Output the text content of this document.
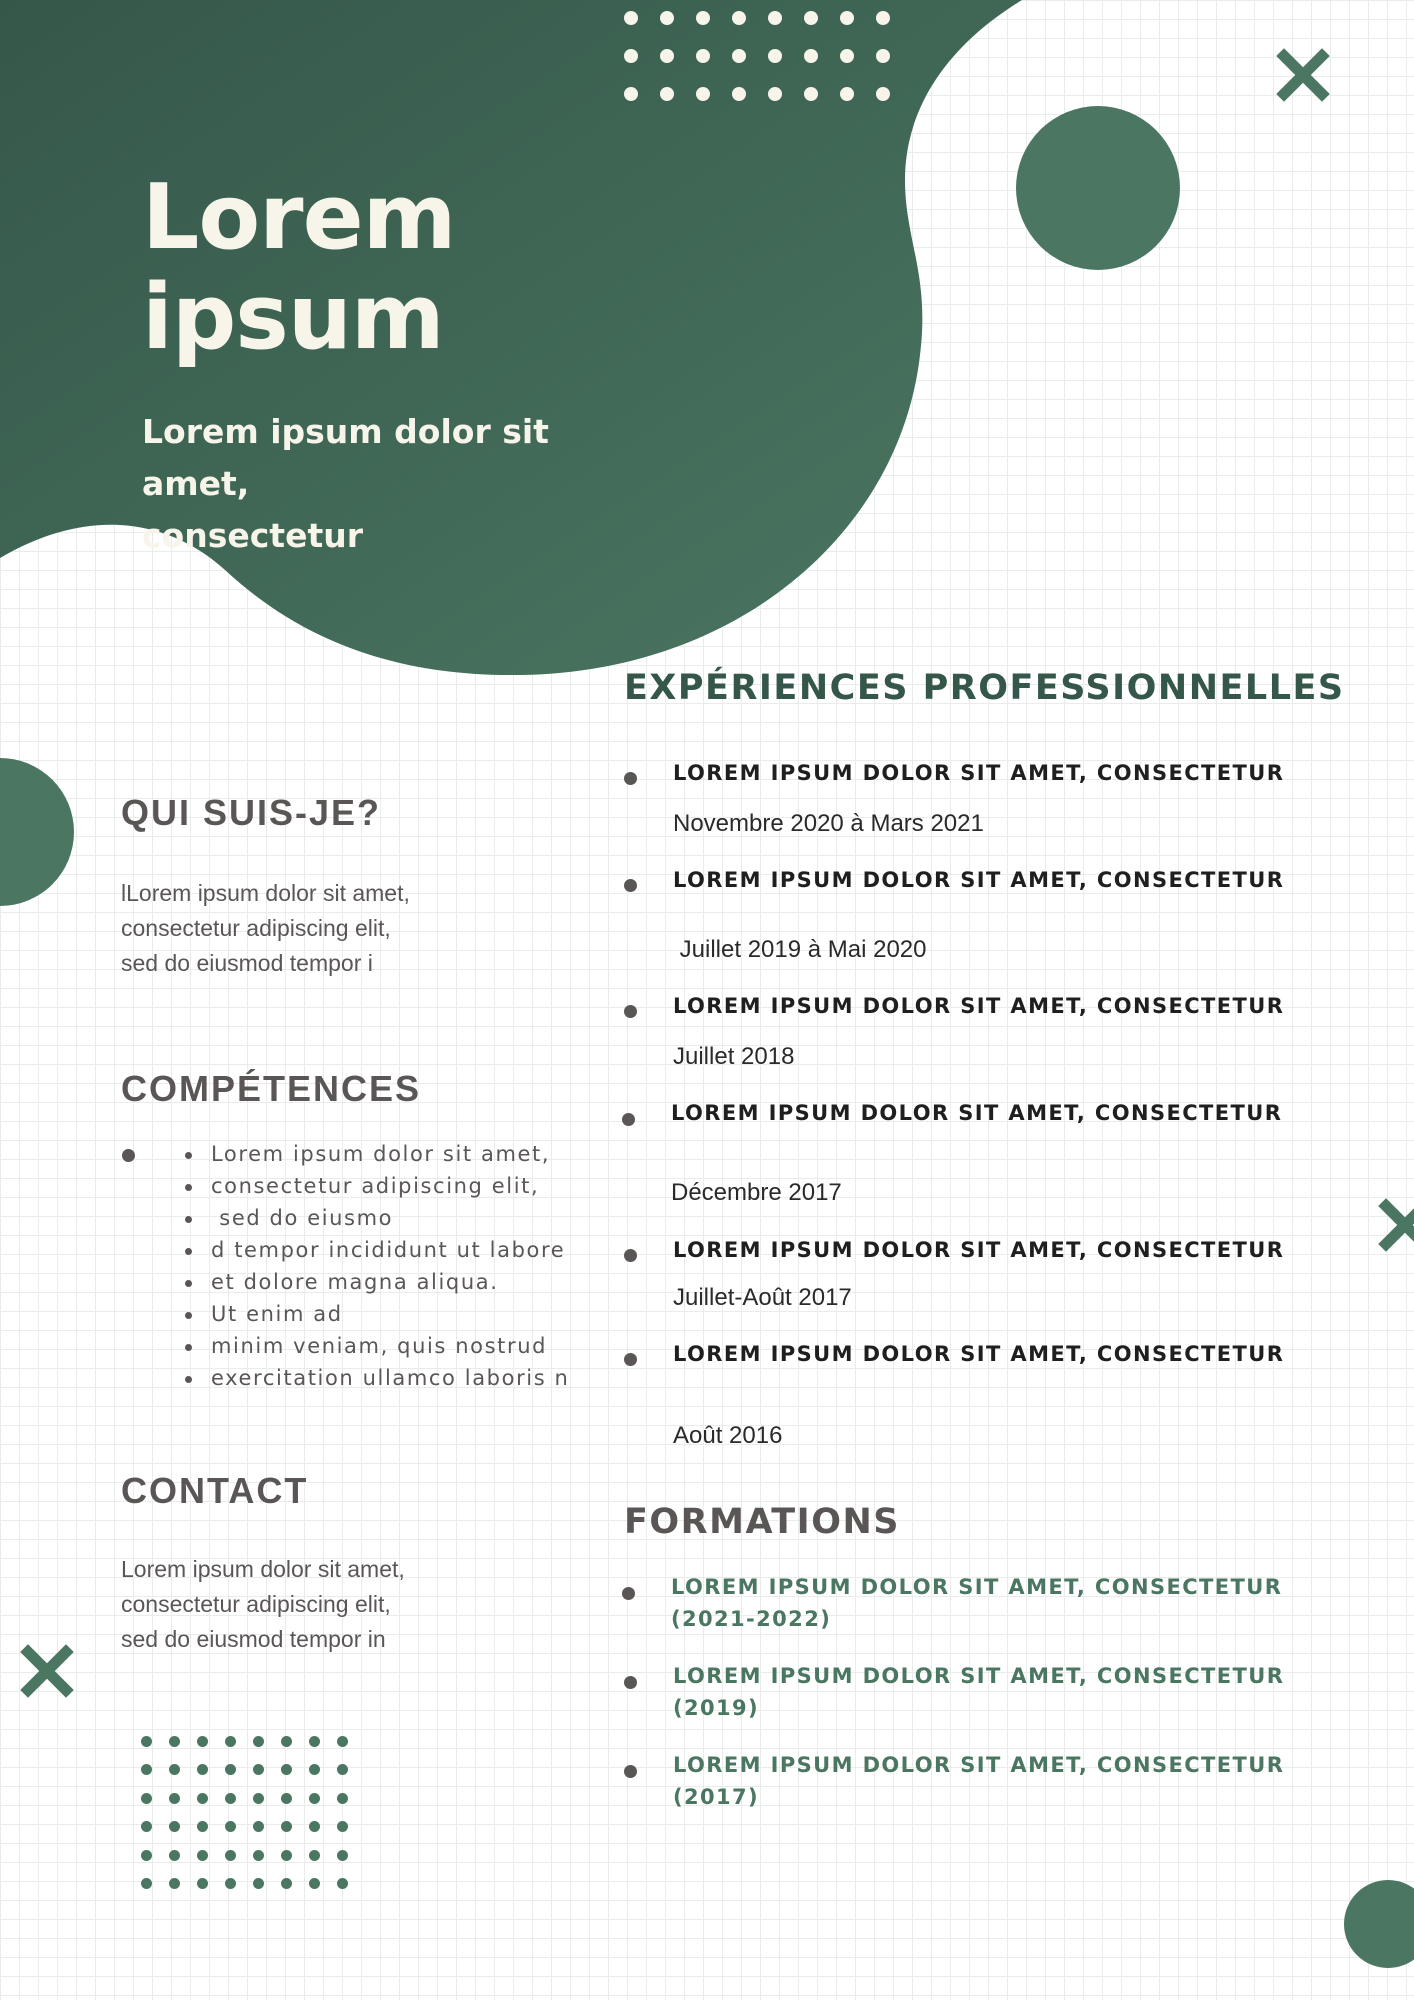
Lorem
ipsum

Lorem ipsum dolor sit amet,
consectetur

QUI SUIS-JE?

lLorem ipsum dolor sit amet,
consectetur adipiscing elit,
sed do eiusmod tempor i

COMPÉTENCES
Lorem ipsum dolor sit amet,
consectetur adipiscing elit,
sed do eiusmo
d tempor incididunt ut labore
et dolore magna aliqua.
Ut enim ad
minim veniam, quis nostrud
exercitation ullamco laboris n
CONTACT

Lorem ipsum dolor sit amet,
consectetur adipiscing elit,
sed do eiusmod tempor in

EXPÉRIENCES PROFESSIONNELLES

LOREM IPSUM DOLOR SIT AMET, CONSECTETUR

Novembre 2020 à Mars 2021

LOREM IPSUM DOLOR SIT AMET, CONSECTETUR

Juillet 2019 à Mai 2020

LOREM IPSUM DOLOR SIT AMET, CONSECTETUR

Juillet 2018

LOREM IPSUM DOLOR SIT AMET, CONSECTETUR

Décembre 2017

LOREM IPSUM DOLOR SIT AMET, CONSECTETUR

Juillet-Août 2017

LOREM IPSUM DOLOR SIT AMET, CONSECTETUR

Août 2016

FORMATIONS

LOREM IPSUM DOLOR SIT AMET, CONSECTETUR
(2021-2022)

LOREM IPSUM DOLOR SIT AMET, CONSECTETUR
(2019)

LOREM IPSUM DOLOR SIT AMET, CONSECTETUR
(2017)
